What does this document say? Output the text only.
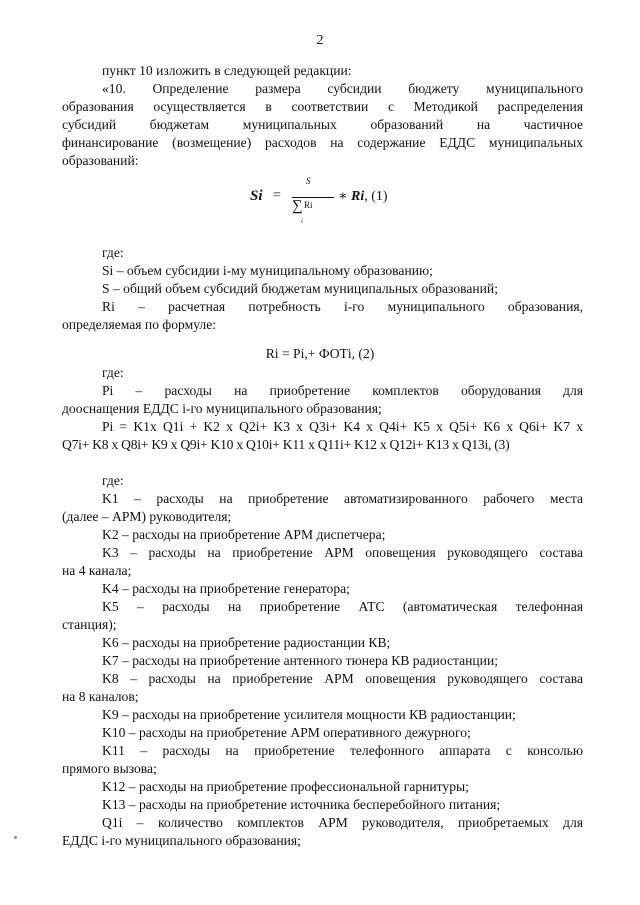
2
пункт 10 изложить в следующей редакции:
«10. Определение размера субсидии бюджету муниципального
образования осуществляется в соответствии с Методикой распределения
субсидий бюджетам муниципальных образований на частичное
финансирование (возмещение) расходов на содержание ЕДДС муниципальных
образований:
Si =
S
∑ Ri
i
∗ Ri, (1)
где:
Si – объем субсидии i-му муниципальному образованию;
S – общий объем субсидий бюджетам муниципальных образований;
Ri – расчетная потребность i-го муниципального образования,
определяемая по формуле:
Ri = Pi,+ ФОТi, (2)
где:
Pi – расходы на приобретение комплектов оборудования для
дооснащения ЕДДС i-го муниципального образования;
Pi = K1x Q1i + K2 x Q2i+ K3 x Q3i+ K4 x Q4i+ K5 x Q5i+ K6 x Q6i+ K7 x
Q7i+ K8 x Q8i+ K9 x Q9i+ K10 x Q10i+ K11 x Q11i+ K12 x Q12i+ K13 x Q13i, (3)
где:
K1 – расходы на приобретение автоматизированного рабочего места
(далее – АРМ) руководителя;
K2 – расходы на приобретение АРМ диспетчера;
K3 – расходы на приобретение АРМ оповещения руководящего состава
на 4 канала;
K4 – расходы на приобретение генератора;
K5 – расходы на приобретение АТС (автоматическая телефонная
станция);
K6 – расходы на приобретение радиостанции КВ;
K7 – расходы на приобретение антенного тюнера КВ радиостанции;
K8 – расходы на приобретение АРМ оповещения руководящего состава
на 8 каналов;
K9 – расходы на приобретение усилителя мощности КВ радиостанции;
K10 – расходы на приобретение АРМ оперативного дежурного;
K11 – расходы на приобретение телефонного аппарата с консолью
прямого вызова;
K12 – расходы на приобретение профессиональной гарнитуры;
K13 – расходы на приобретение источника бесперебойного питания;
Q1i – количество комплектов АРМ руководителя, приобретаемых для
ЕДДС i-го муниципального образования;
